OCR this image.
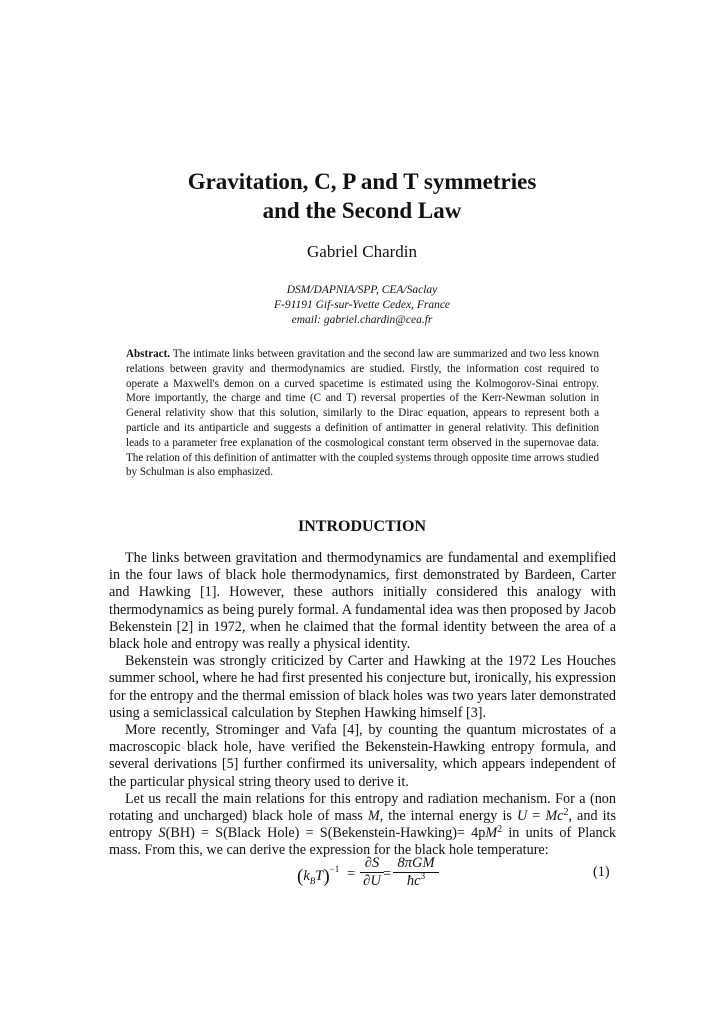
Gravitation, C, P and T symmetries
and the Second Law
Gabriel Chardin
DSM/DAPNIA/SPP, CEA/Saclay
F-91191 Gif-sur-Yvette Cedex, France
email: gabriel.chardin@cea.fr
Abstract. The intimate links between gravitation and the second law are summarized and two less known relations between gravity and thermodynamics are studied. Firstly, the information cost required to operate a Maxwell's demon on a curved spacetime is estimated using the Kolmogorov-Sinai entropy. More importantly, the charge and time (C and T) reversal properties of the Kerr-Newman solution in General relativity show that this solution, similarly to the Dirac equation, appears to represent both a particle and its antiparticle and suggests a definition of antimatter in general relativity. This definition leads to a parameter free explanation of the cosmological constant term observed in the supernovae data. The relation of this definition of antimatter with the coupled systems through opposite time arrows studied by Schulman is also emphasized.
INTRODUCTION

The links between gravitation and thermodynamics are fundamental and exemplified in the four laws of black hole thermodynamics, first demonstrated by Bardeen, Carter and Hawking [1]. However, these authors initially considered this analogy with thermodynamics as being purely formal. A fundamental idea was then proposed by Jacob Bekenstein [2] in 1972, when he claimed that the formal identity between the area of a black hole and entropy was really a physical identity.

Bekenstein was strongly criticized by Carter and Hawking at the 1972 Les Houches summer school, where he had first presented his conjecture but, ironically, his expression for the entropy and the thermal emission of black holes was two years later demonstrated using a semiclassical calculation by Stephen Hawking himself [3].

More recently, Strominger and Vafa [4], by counting the quantum microstates of a macroscopic black hole, have verified the Bekenstein-Hawking entropy formula, and several derivations [5] further confirmed its universality, which appears independent of the particular physical string theory used to derive it.

Let us recall the main relations for this entropy and radiation mechanism. For a (non rotating and uncharged) black hole of mass M, the internal energy is $U = Mc^2$, and its entropy S(BH) = S(Black Hole) = S(Bekenstein-Hawking)= $4pM^2$ in units of Planck mass. From this, we can derive the expression for the black hole temperature:

$(k_BT)^{-1} = \frac{\partial S}{\partial U}$ =
8πGM
$ħc^3$	(1)
